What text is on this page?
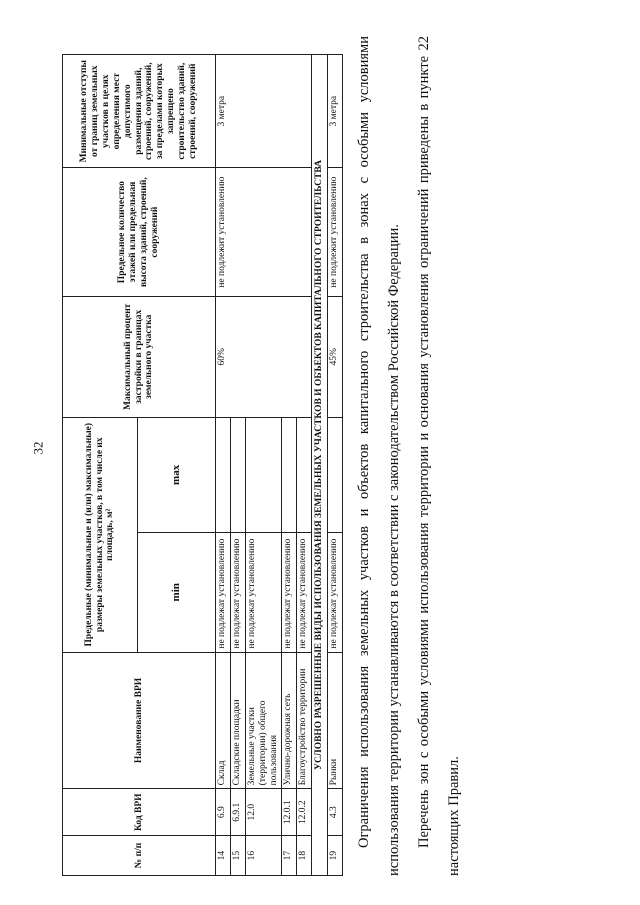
32
№ п/п	Код ВРИ	Наименование ВРИ	Предельные (минимальные и (или) максимальные) размеры земельных участков, в том числе их площадь, м²		Максимальный процент застройки в границах земельного участка	Предельное количество этажей или предельная высота зданий, строений, сооружений	Минимальные отступы от границ земельных участков в целях определения мест допустимого размещения зданий, строений, сооружений, за пределами которых запрещено строительство зданий, строений, сооружений
			min	max			
14	6.9	Склад	не подлежат установлению		60%	не подлежит установлению	3 метра
15	6.9.1	Складские площадки	не подлежат установлению				
16	12.0	Земельные участки (территории) общего пользования	не подлежат установлению				
17	12.0.1	Улично-дорожная сеть	не подлежат установлению				
18	12.0.2	Благоустройство территории	не подлежат установлению				
УСЛОВНО РАЗРЕШЕННЫЕ ВИДЫ ИСПОЛЬЗОВАНИЯ ЗЕМЕЛЬНЫХ УЧАСТКОВ И ОБЪЕКТОВ КАПИТАЛЬНОГО СТРОИТЕЛЬСТВА							
19	4.3	Рынки	не подлежат установлению		45%	не подлежит установлению	3 метра	Ограничения использования земельных участков и объектов капитального строительства в зонах с особыми условиями использования территории устанавливаются в соответствии с законодательством Российской Федерации. Перечень зон с особыми условиями использования территории и основания установления ограничений приведены в пункте 22 настоящих Правил.
